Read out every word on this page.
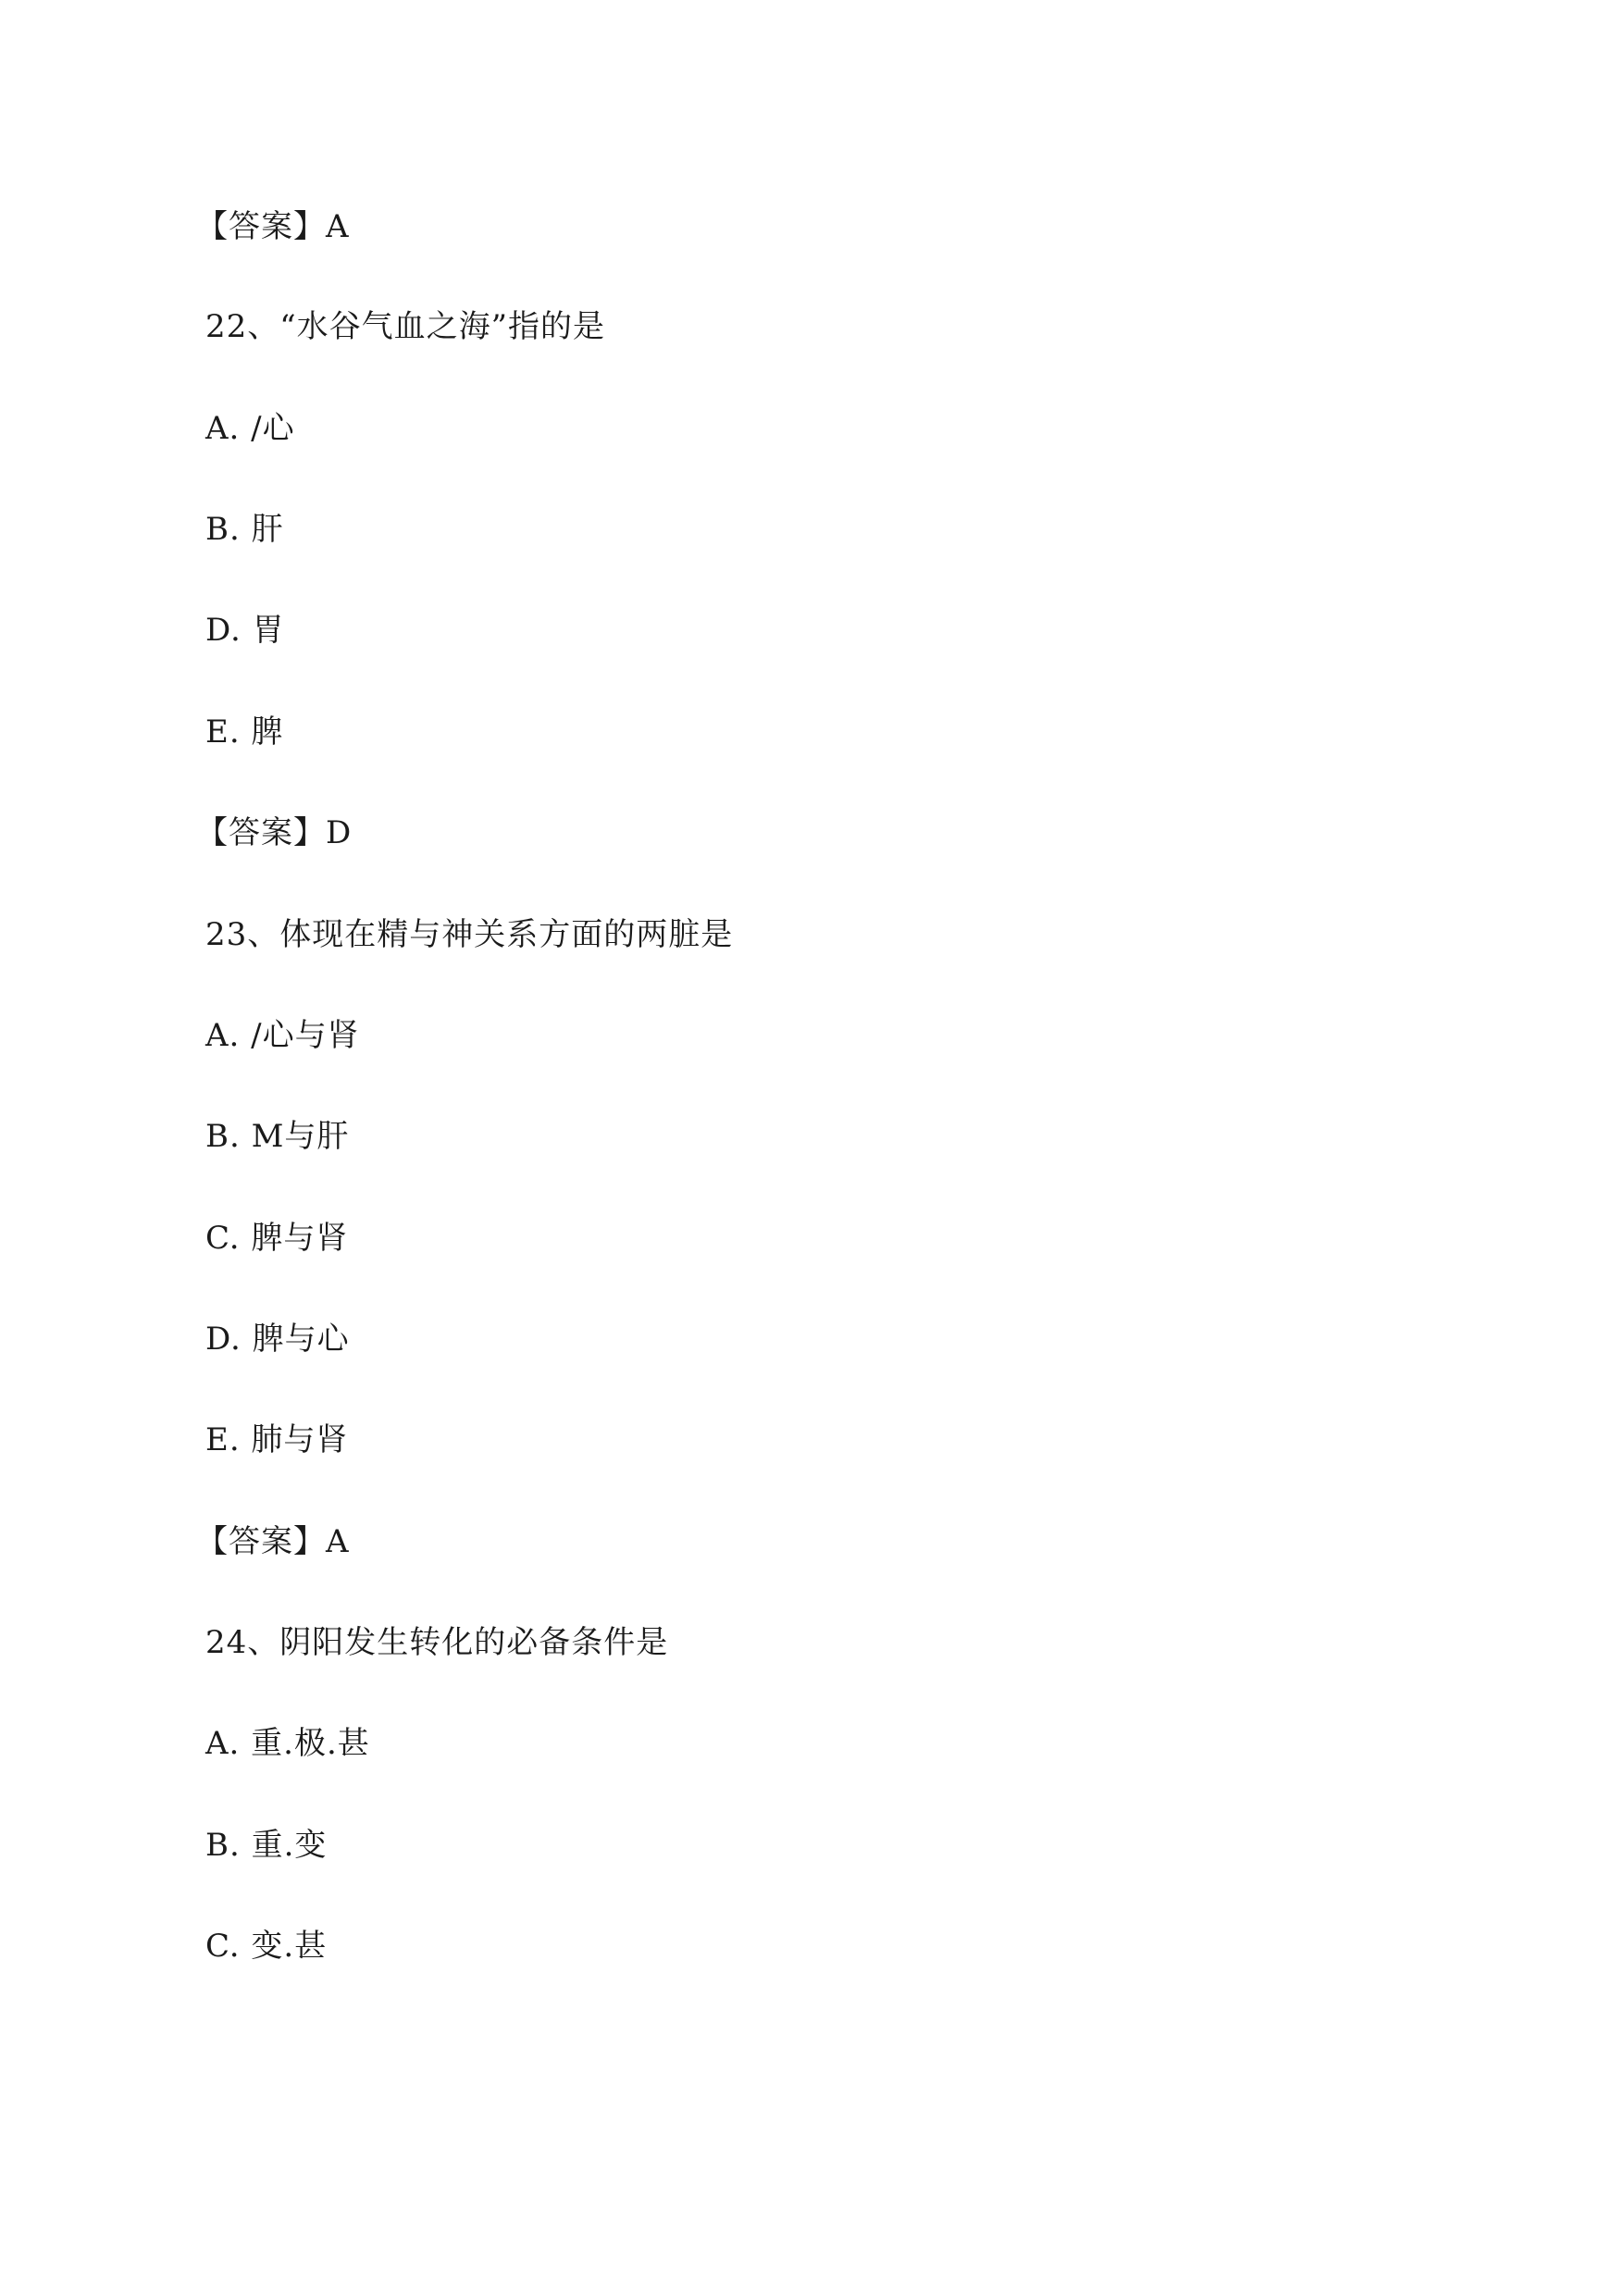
【答案】A
22、“水谷气血之海”指的是
A. /心
B. 肝
D. 胃
E. 脾
【答案】D
23、体现在精与神关系方面的两脏是
A. /心与肾
B. M与肝
C. 脾与肾
D. 脾与心
E. 肺与肾
【答案】A
24、阴阳发生转化的必备条件是
A. 重.极.甚
B. 重.变
C. 变.甚
